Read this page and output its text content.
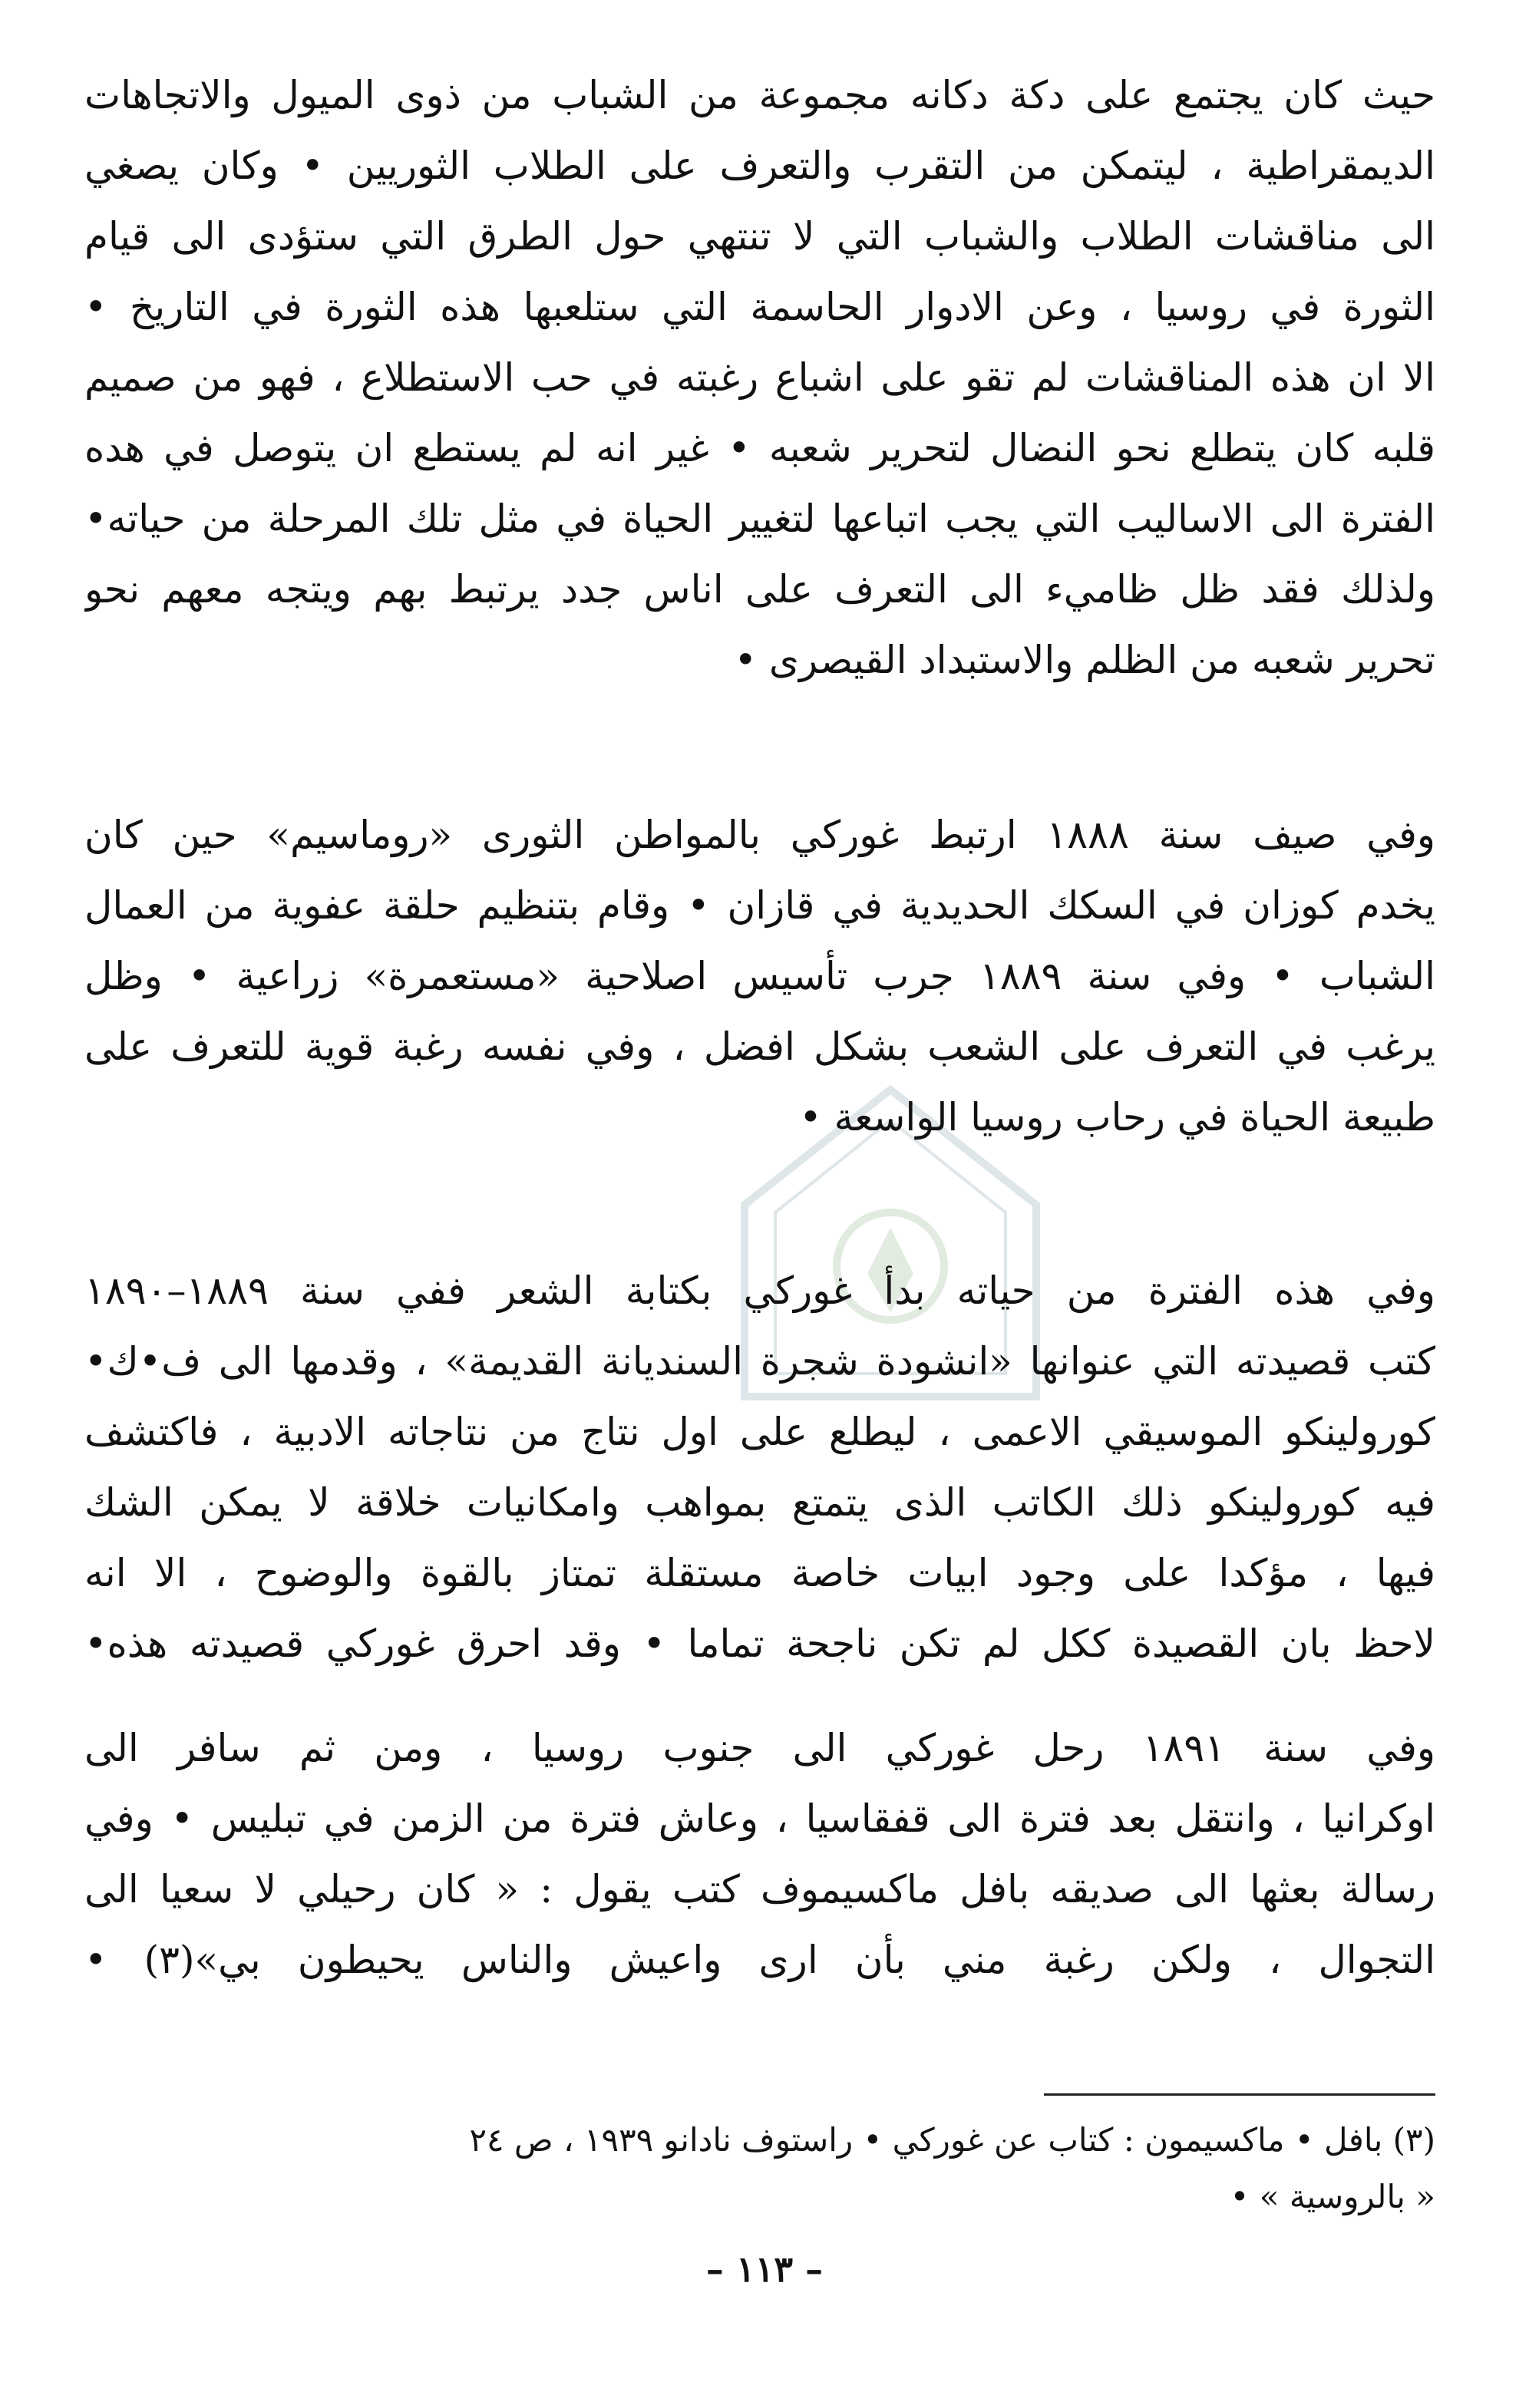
حيث كان يجتمع على دكة دكانه مجموعة من الشباب من ذوى الميول والاتجاهات
الديمقراطية ، ليتمكن من التقرب والتعرف على الطلاب الثوريين • وكان يصغي
الى مناقشات الطلاب والشباب التي لا تنتهي حول الطرق التي ستؤدى الى قيام
الثورة في روسيا ، وعن الادوار الحاسمة التي ستلعبها هذه الثورة في التاريخ •
الا ان هذه المناقشات لم تقو على اشباع رغبته في حب الاستطلاع ، فهو من صميم
قلبه كان يتطلع نحو النضال لتحرير شعبه • غير انه لم يستطع ان يتوصل في هده
الفترة الى الاساليب التي يجب اتباعها لتغيير الحياة في مثل تلك المرحلة من حياته•
ولذلك فقد ظل ظاميء الى التعرف على اناس جدد يرتبط بهم ويتجه معهم نحو
تحرير شعبه من الظلم والاستبداد القيصرى •
وفي صيف سنة ١٨٨٨ ارتبط غوركي بالمواطن الثورى «روماسيم» حين كان
يخدم كوزان في السكك الحديدية في قازان • وقام بتنظيم حلقة عفوية من العمال
الشباب • وفي سنة ١٨٨٩ جرب تأسيس اصلاحية «مستعمرة» زراعية • وظل
يرغب في التعرف على الشعب بشكل افضل ، وفي نفسه رغبة قوية للتعرف على
طبيعة الحياة في رحاب روسيا الواسعة •
وفي هذه الفترة من حياته بدأ غوركي بكتابة الشعر ففي سنة ١٨٨٩–١٨٩٠
كتب قصيدته التي عنوانها «انشودة شجرة السنديانة القديمة» ، وقدمها الى ف•ك•
كورولينكو الموسيقي الاعمى ، ليطلع على اول نتاج من نتاجاته الادبية ، فاكتشف
فيه كورولينكو ذلك الكاتب الذى يتمتع بمواهب وامكانيات خلاقة لا يمكن الشك
فيها ، مؤكدا على وجود ابيات خاصة مستقلة تمتاز بالقوة والوضوح ، الا انه
لاحظ بان القصيدة ككل لم تكن ناجحة تماما • وقد احرق غوركي قصيدته هذه•
وفي سنة ١٨٩١ رحل غوركي الى جنوب روسيا ، ومن ثم سافر الى
اوكرانيا ، وانتقل بعد فترة الى قفقاسيا ، وعاش فترة من الزمن في تبليس • وفي
رسالة بعثها الى صديقه بافل ماكسيموف كتب يقول : « كان رحيلي لا سعيا الى
التجوال ، ولكن رغبة مني بأن ارى واعيش والناس يحيطون بي»(٣) •
(٣) بافل • ماكسيمون : كتاب عن غوركي • راستوف نادانو ١٩٣٩ ، ص ٢٤
« بالروسية » •
– ١١٣ –
